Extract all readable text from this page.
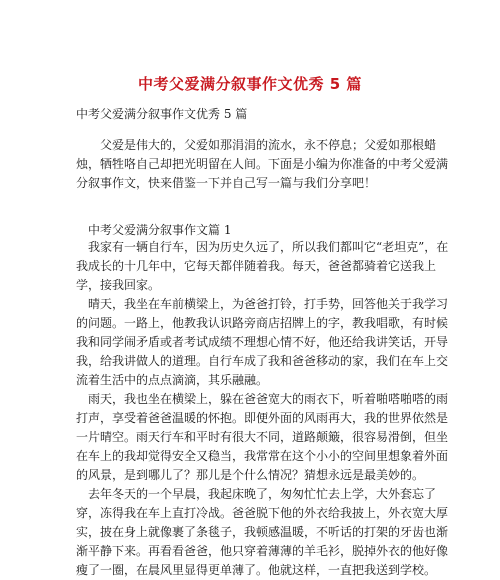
中考父爱满分叙事作文优秀 5 篇
中考父爱满分叙事作文优秀 5 篇

父爱是伟大的，父爱如那涓涓的流水，永不停息；父爱如那根蜡烛，牺牲咯自己却把光明留在人间。下面是小编为你准备的中考父爱满分叙事作文，快来借鉴一下并自己写一篇与我们分享吧！

中考父爱满分叙事作文篇 1

我家有一辆自行车，因为历史久远了，所以我们都叫它“老坦克”，在我成长的十几年中，它每天都伴随着我。每天，爸爸都骑着它送我上学，接我回家。

晴天，我坐在车前横梁上，为爸爸打铃，打手势，回答他关于我学习的问题。一路上，他教我认识路旁商店招牌上的字，教我唱歌，有时候我和同学闹矛盾或者考试成绩不理想心情不好，他还给我讲笑话，开导我，给我讲做人的道理。自行车成了我和爸爸移动的家，我们在车上交流着生活中的点点滴滴，其乐融融。

雨天，我也坐在横梁上，躲在爸爸宽大的雨衣下，听着啪嗒啪嗒的雨打声，享受着爸爸温暖的怀抱。即便外面的风雨再大，我的世界依然是一片晴空。雨天行车和平时有很大不同，道路颠簸，很容易滑倒，但坐在车上的我却觉得安全又稳当，我常常在这个小小的空间里想象着外面的风景，是到哪儿了？那儿是个什么情况？猜想永远是最美妙的。

去年冬天的一个早晨，我起床晚了，匆匆忙忙去上学，大外套忘了穿，冻得我在车上直打冷战。爸爸脱下他的外衣给我披上，外衣宽大厚实，披在身上就像裹了条毯子，我顿感温暖，不听话的打架的牙齿也渐渐平静下来。再看看爸爸，他只穿着薄薄的羊毛衫，脱掉外衣的他好像瘦了一圈，在晨风里显得更单薄了。他就这样，一直把我送到学校。
